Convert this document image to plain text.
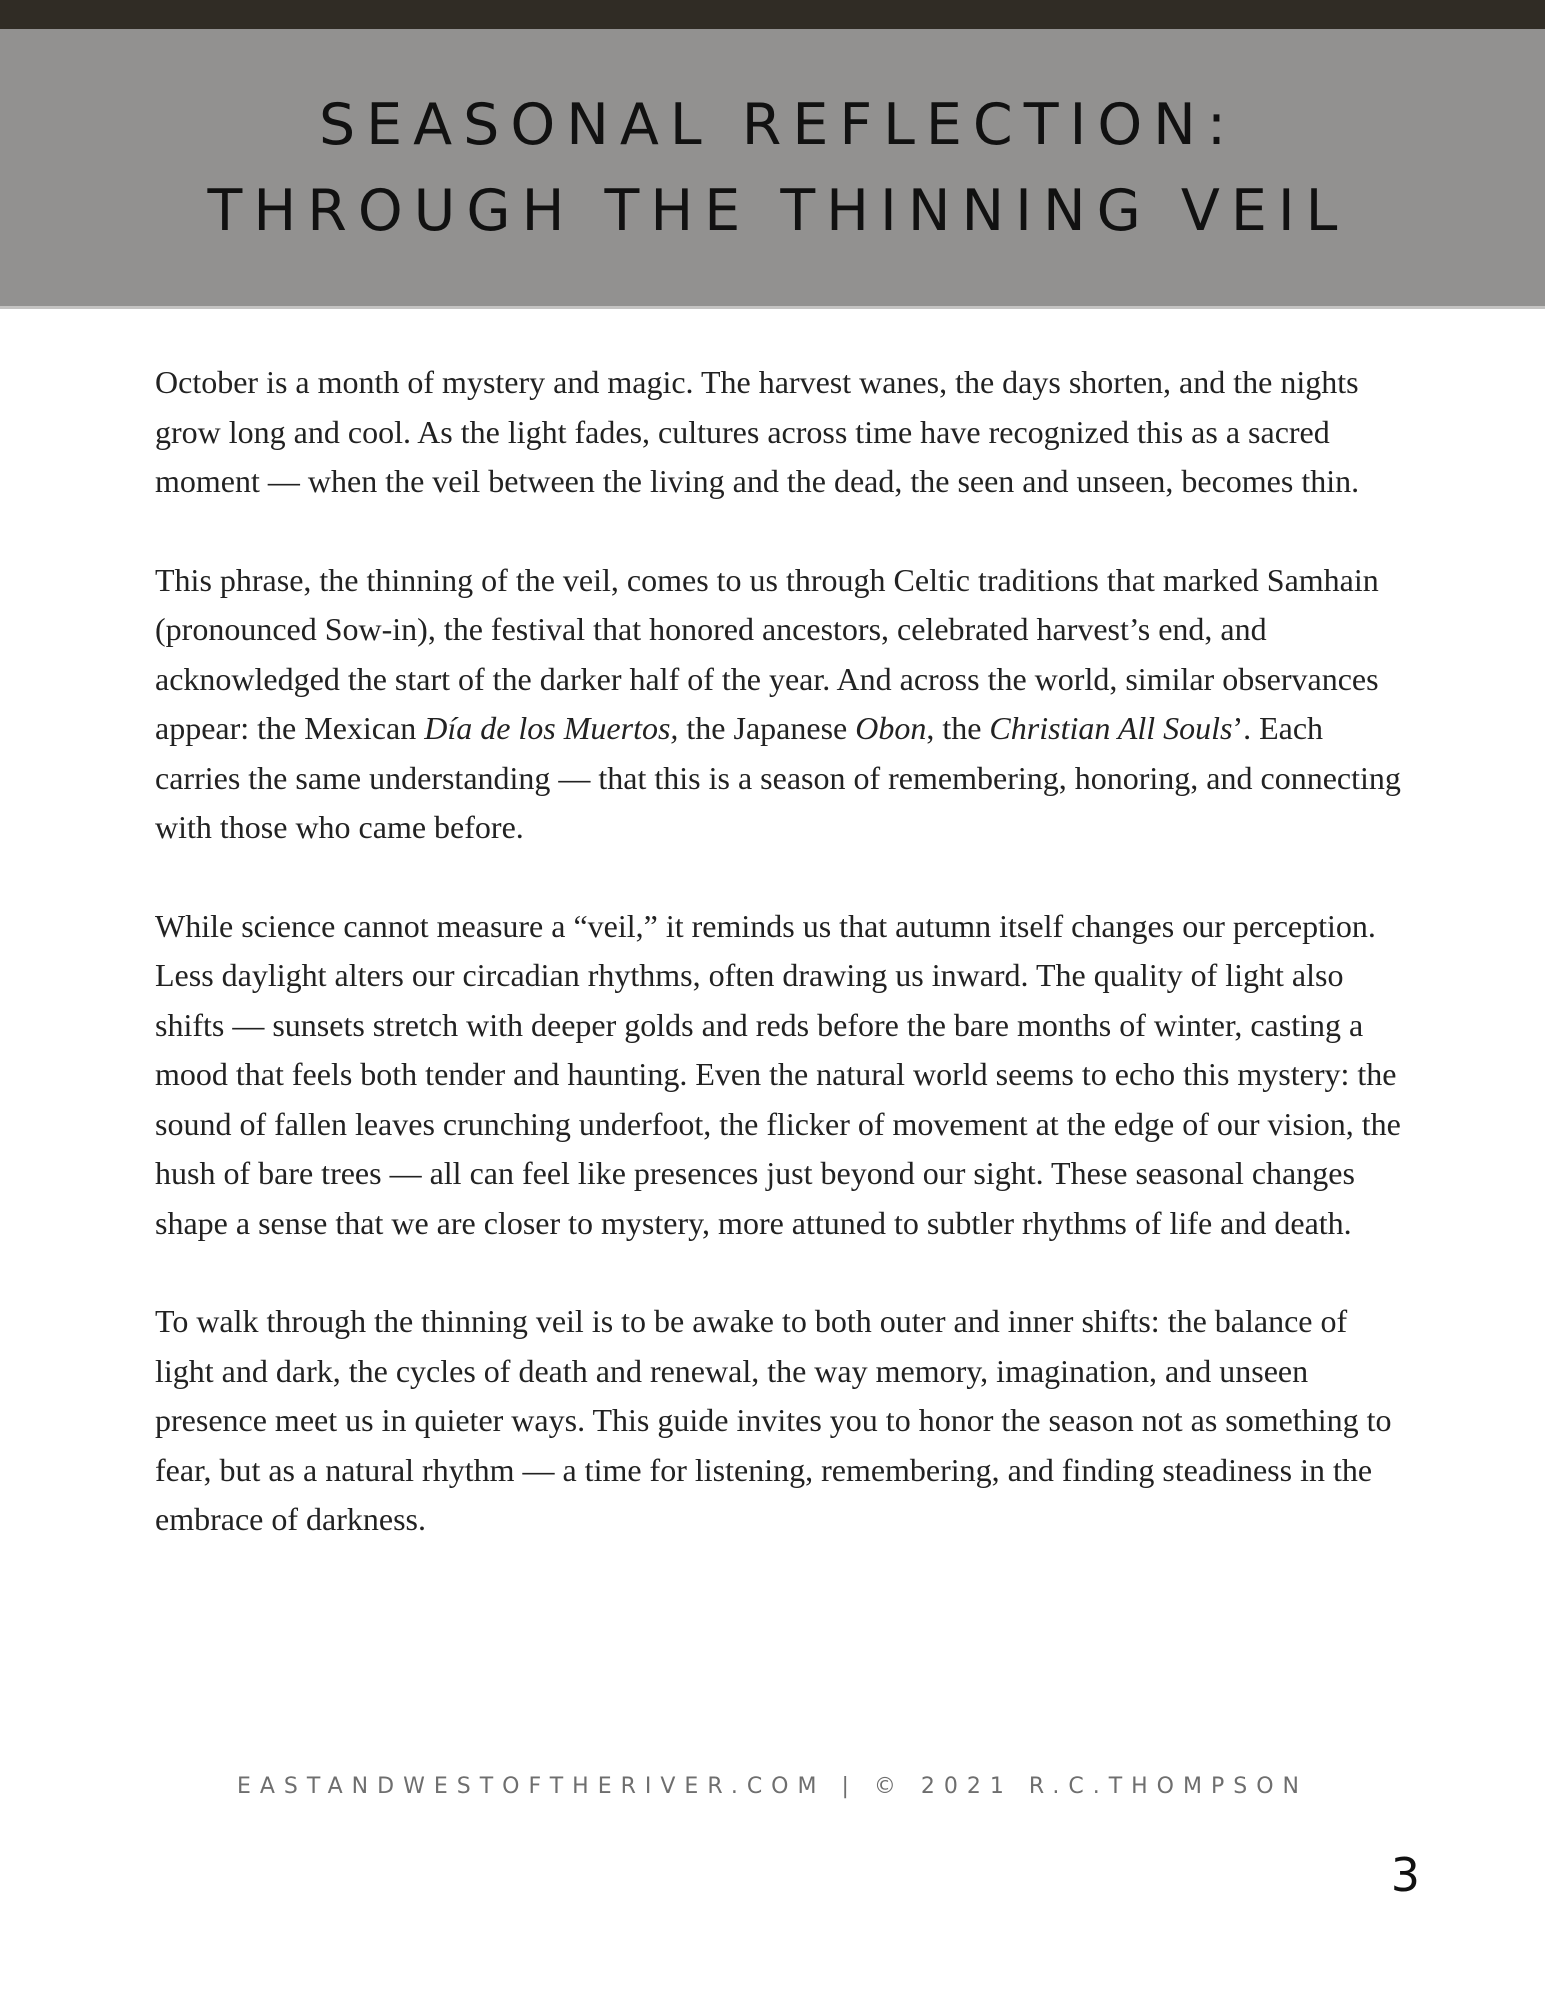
SEASONAL REFLECTION:
THROUGH THE THINNING VEIL

October is a month of mystery and magic. The harvest wanes, the days shorten, and the nights grow long and cool. As the light fades, cultures across time have recognized this as a sacred moment — when the veil between the living and the dead, the seen and unseen, becomes thin.

This phrase, the thinning of the veil, comes to us through Celtic traditions that marked Samhain (pronounced Sow-in), the festival that honored ancestors, celebrated harvest’s end, and acknowledged the start of the darker half of the year. And across the world, similar observances appear: the Mexican Día de los Muertos, the Japanese Obon, the Christian All Souls’. Each carries the same understanding — that this is a season of remembering, honoring, and connecting with those who came before.

While science cannot measure a “veil,” it reminds us that autumn itself changes our perception. Less daylight alters our circadian rhythms, often drawing us inward. The quality of light also shifts — sunsets stretch with deeper golds and reds before the bare months of winter, casting a mood that feels both tender and haunting. Even the natural world seems to echo this mystery: the sound of fallen leaves crunching underfoot, the flicker of movement at the edge of our vision, the hush of bare trees — all can feel like presences just beyond our sight. These seasonal changes shape a sense that we are closer to mystery, more attuned to subtler rhythms of life and death.

To walk through the thinning veil is to be awake to both outer and inner shifts: the balance of light and dark, the cycles of death and renewal, the way memory, imagination, and unseen presence meet us in quieter ways. This guide invites you to honor the season not as something to fear, but as a natural rhythm — a time for listening, remembering, and finding steadiness in the embrace of darkness.

EASTANDWESTOFTHERIVER.COM | © 2021 R.C.THOMPSON
3
